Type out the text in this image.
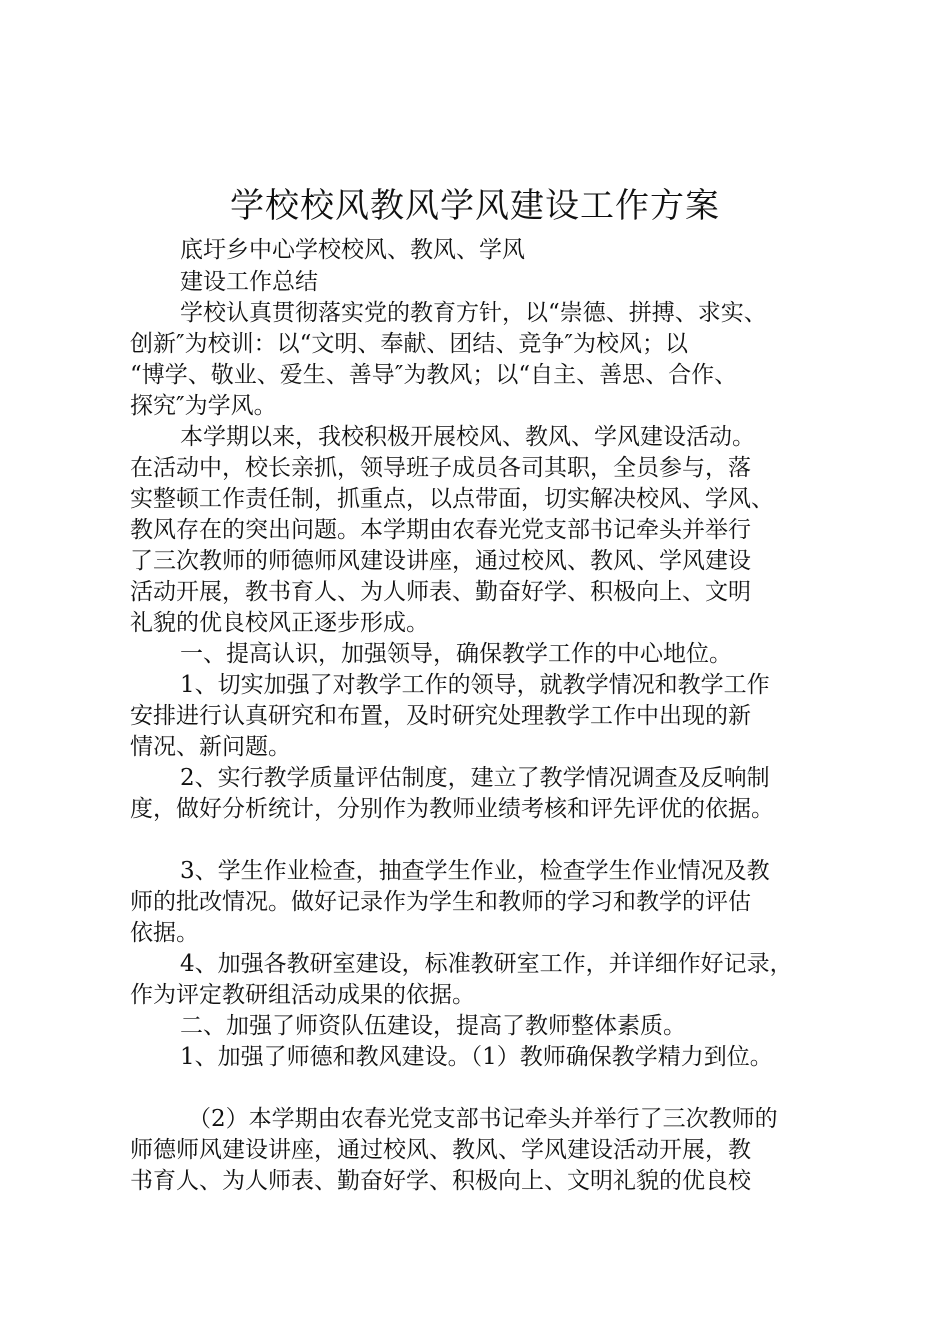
学校校风教风学风建设工作方案

底圩乡中心学校校风、教风、学风

建设工作总结

学校认真贯彻落实党的教育方针，以“崇德、拼搏、求实、

创新″为校训：以“文明、奉献、团结、竞争″为校风；以

“博学、敬业、爱生、善导″为教风；以“自主、善思、合作、

探究″为学风。

本学期以来，我校积极开展校风、教风、学风建设活动。

在活动中，校长亲抓，领导班子成员各司其职，全员参与，落

实整顿工作责任制，抓重点，以点带面，切实解决校风、学风、

教风存在的突出问题。本学期由农春光党支部书记牵头并举行

了三次教师的师德师风建设讲座，通过校风、教风、学风建设

活动开展，教书育人、为人师表、勤奋好学、积极向上、文明

礼貌的优良校风正逐步形成。

一、提高认识，加强领导，确保教学工作的中心地位。

1、切实加强了对教学工作的领导，就教学情况和教学工作

安排进行认真研究和布置，及时研究处理教学工作中出现的新

情况、新问题。

2、实行教学质量评估制度，建立了教学情况调查及反响制

度，做好分析统计，分别作为教师业绩考核和评先评优的依据。

3、学生作业检查，抽查学生作业，检查学生作业情况及教

师的批改情况。做好记录作为学生和教师的学习和教学的评估

依据。

4、加强各教研室建设，标准教研室工作，并详细作好记录，

作为评定教研组活动成果的依据。

二、加强了师资队伍建设，提高了教师整体素质。

1、加强了师德和教风建设。（1）教师确保教学精力到位。

（2）本学期由农春光党支部书记牵头并举行了三次教师的

师德师风建设讲座，通过校风、教风、学风建设活动开展，教

书育人、为人师表、勤奋好学、积极向上、文明礼貌的优良校
